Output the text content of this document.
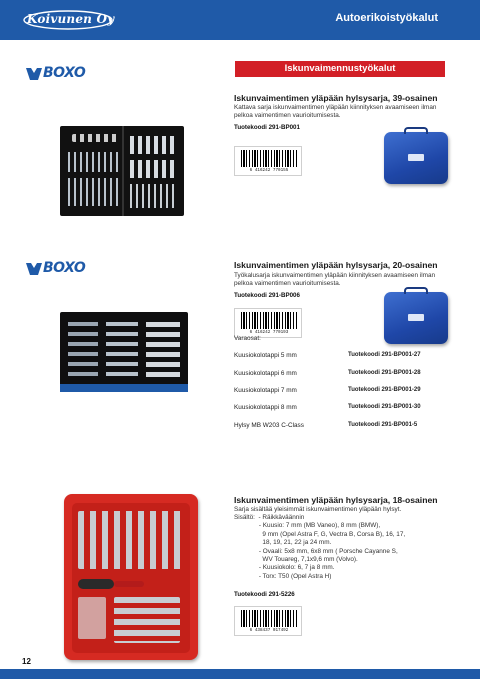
Koivunen Oy	Autoerikoistyökalut
Iskunvaimennustyökalut
BOXO
Iskunvaimentimen yläpään hylsysarja, 39-osainen
Kattava sarja iskunvaimentimen yläpään kiinnityksen avaamiseen ilman pelkoa vaimentimen vaurioitumisesta.
Tuotekoodi 291-BP001
6 416242 770155
BOXO	Iskunvaimentimen yläpään hylsysarja, 20-osainen
Työkalusarja iskunvaimentimen yläpään kiinnityksen avaamiseen ilman pelkoa vaimentimen vaurioitumisesta.
Tuotekoodi 291-BP006
6 416242 770193
Varaosat:
Kuusiokolotappi 5 mm	Tuotekoodi 291-BP001-27
Kuusiokolotappi 6 mm	Tuotekoodi 291-BP001-28
Kuusiokolotappi 7 mm	Tuotekoodi 291-BP001-29
Kuusiokolotappi 8 mm	Tuotekoodi 291-BP001-30
Hylsy MB W203 C-Class	Tuotekoodi 291-BP001-5
Iskunvaimentimen yläpään hylsysarja, 18-osainen
Sarja sisältää yleisimmät iskunvaimentimen yläpään hylsyt.
Sisältö:  - Räikkäväännin
- Kuusio: 7 mm (MB Vaneo), 8 mm (BMW),
9 mm (Opel Astra F, G, Vectra B, Corsa B), 16, 17,
18, 19, 21, 22 ja 24 mm.
- Ovaali: 5x8 mm, 6x8 mm ( Porsche Cayanne S,
WV Touareg, 7,1x9,6 mm (Volvo).
- Kuusiokolo: 6, 7 ja 8 mm.
- Torx: T50 (Opel Astra H)
Tuotekoodi 291-5226
6 438437 017492
12
